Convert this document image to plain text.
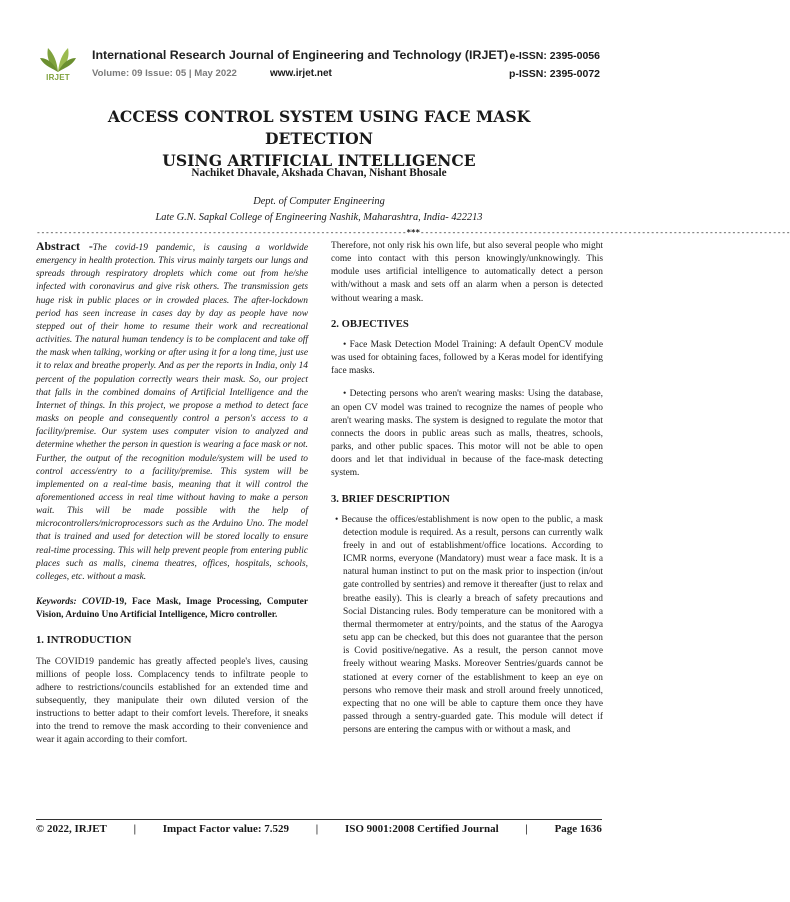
IRJET
International Research Journal of Engineering and Technology (IRJET) e-ISSN: 2395-0056
Volume: 09 Issue: 05 | May 2022	www.irjet.net	p-ISSN: 2395-0072
ACCESS CONTROL SYSTEM USING FACE MASK DETECTION
USING ARTIFICIAL INTELLIGENCE
Nachiket Dhavale, Akshada Chavan, Nishant Bhosale
Dept. of Computer Engineering
Late G.N. Sapkal College of Engineering Nashik, Maharashtra, India- 422213
----------------------------------------------------------------------------------***----------------------------------------------------------------------------------

Abstract -The covid-19 pandemic, is causing a worldwide emergency in health protection. This virus mainly targets our lungs and spreads through respiratory droplets which come out from he/she infected with coronavirus and give risk others. The transmission gets huge risk in public places or in crowded places. The after-lockdown period has seen increase in cases day by day as people have now stepped out of their home to resume their work and recreational activities. The natural human tendency is to be complacent and take off the mask when talking, working or after using it for a long time, just use it to relax and breathe properly. And as per the reports in India, only 14 percent of the population correctly wears their mask. So, our project that falls in the combined domains of Artificial Intelligence and the Internet of things. In this project, we propose a method to detect face masks on people and consequently control a person's access to a facility/premise. Our system uses computer vision to analyzed and determine whether the person in question is wearing a face mask or not. Further, the output of the recognition module/system will be used to control access/entry to a facility/premise. This system will be implemented on a real-time basis, meaning that it will control the aforementioned access in real time without having to make a person wait. This will be made possible with the help of microcontrollers/microprocessors such as the Arduino Uno. The model that is trained and used for detection will be stored locally to ensure real-time processing. This will help prevent people from entering public places such as malls, cinema theatres, offices, hospitals, schools, colleges, etc. without a mask.

Keywords: COVID-19, Face Mask, Image Processing, Computer Vision, Arduino Uno Artificial Intelligence, Micro controller.

1. INTRODUCTION

The COVID19 pandemic has greatly affected people's lives, causing millions of people loss. Complacency tends to infiltrate people to adhere to restrictions/councils established for an extended time and subsequently, they manipulate their own diluted version of the instructions to better adapt to their comfort levels. Therefore, it sneaks into the trend to remove the mask according to their convenience and wear it again according to their comfort.

Therefore, not only risk his own life, but also several people who might come into contact with this person knowingly/unknowingly. This module uses artificial intelligence to automatically detect a person with/without a mask and sets off an alarm when a person is detected without wearing a mask.

2. OBJECTIVES

• Face Mask Detection Model Training: A default OpenCV module was used for obtaining faces, followed by a Keras model for identifying face masks.

• Detecting persons who aren't wearing masks: Using the database, an open CV model was trained to recognize the names of people who aren't wearing masks. The system is designed to regulate the motor that connects the doors in public areas such as malls, theatres, schools, parks, and other public spaces. This motor will not be able to open doors and let that individual in because of the face-mask detecting system.

3. BRIEF DESCRIPTION

• Because the offices/establishment is now open to the public, a mask detection module is required. As a result, persons can currently walk freely in and out of establishment/office locations. According to ICMR norms, everyone (Mandatory) must wear a face mask. It is a natural human instinct to put on the mask prior to inspection (in/out gate controlled by sentries) and remove it thereafter (just to relax and breathe easily). This is clearly a breach of safety precautions and Social Distancing rules. Body temperature can be monitored with a thermal thermometer at entry/points, and the status of the Aarogya setu app can be checked, but this does not guarantee that the person is Covid positive/negative. As a result, the person cannot move freely without wearing Masks. Moreover Sentries/guards cannot be stationed at every corner of the establishment to keep an eye on persons who remove their mask and stroll around freely unnoticed, expecting that no one will be able to capture them once they have passed through a sentry-guarded gate. This module will detect if persons are entering the campus with or without a mask, and

© 2022, IRJET | Impact Factor value: 7.529 | ISO 9001:2008 Certified Journal | Page 1636
